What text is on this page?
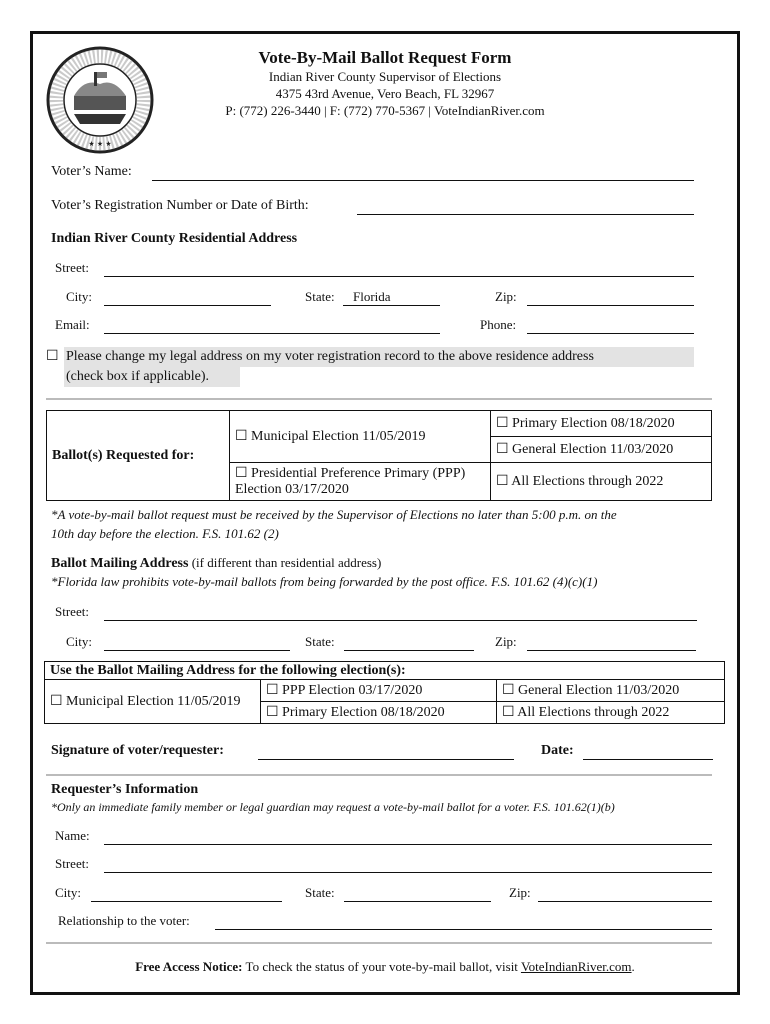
★ ★ ★
Vote-By-Mail Ballot Request Form
Indian River County Supervisor of Elections
4375 43rd Avenue, Vero Beach, FL 32967
P: (772) 226-3440 | F: (772) 770-5367 | VoteIndianRiver.com
Voter’s Name:
Voter’s Registration Number or Date of Birth:
Indian River County Residential Address
Street:
City:	State: Florida	Zip:
Email:	Phone:
☐ Please change my legal address on my voter registration record to the above residence address
(check box if applicable).
Ballot(s) Requested for:	☐ Municipal Election 11/05/2019	☐ Primary Election 08/18/2020
		☐ General Election 11/03/2020
	☐ Presidential Preference Primary (PPP)
Election 03/17/2020	☐ All Elections through 2022
*A vote-by-mail ballot request must be received by the Supervisor of Elections no later than 5:00 p.m. on the
10th day before the election. F.S. 101.62 (2)
Ballot Mailing Address (if different than residential address)
*Florida law prohibits vote-by-mail ballots from being forwarded by the post office. F.S. 101.62 (4)(c)(1)
Street:
City:	State:	Zip:
Use the Ballot Mailing Address for the following election(s):		
☐ Municipal Election 11/05/2019	☐ PPP Election 03/17/2020	☐ General Election 11/03/2020
	☐ Primary Election 08/18/2020	☐ All Elections through 2022
Signature of voter/requester:	Date:
Requester’s Information
*Only an immediate family member or legal guardian may request a vote-by-mail ballot for a voter. F.S. 101.62(1)(b)
Name:
Street:
City:	State:	Zip:
Relationship to the voter:
Free Access Notice: To check the status of your vote-by-mail ballot, visit VoteIndianRiver.com.
